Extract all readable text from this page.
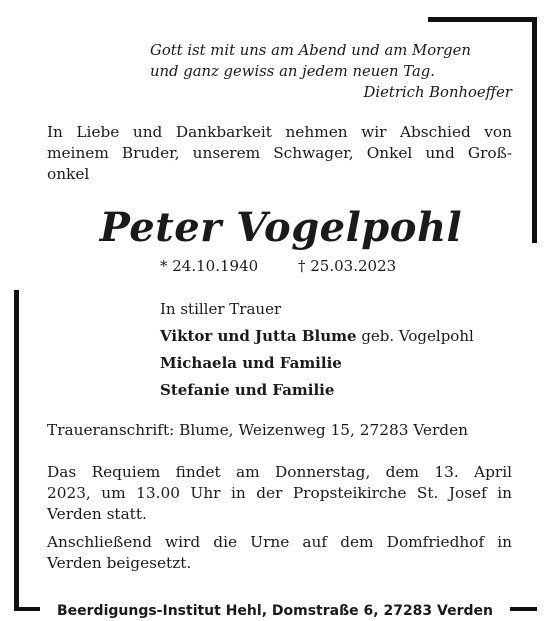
Gott ist mit uns am Abend und am Morgen
und ganz gewiss an jedem neuen Tag.
Dietrich Bonhoeffer
In Liebe und Dankbarkeit nehmen wir Abschied von
meinem Bruder, unserem Schwager, Onkel und Groß-
onkel
Peter Vogelpohl
* 24.10.1940	† 25.03.2023
In stiller Trauer
Viktor und Jutta Blume geb. Vogelpohl
Michaela und Familie
Stefanie und Familie
Traueranschrift: Blume, Weizenweg 15, 27283 Verden
Das Requiem findet am Donnerstag, dem 13. April
2023, um 13.00 Uhr in der Propsteikirche St. Josef in
Verden statt.
Anschließend wird die Urne auf dem Domfriedhof in
Verden beigesetzt.
Beerdigungs-Institut Hehl, Domstraße 6, 27283 Verden
